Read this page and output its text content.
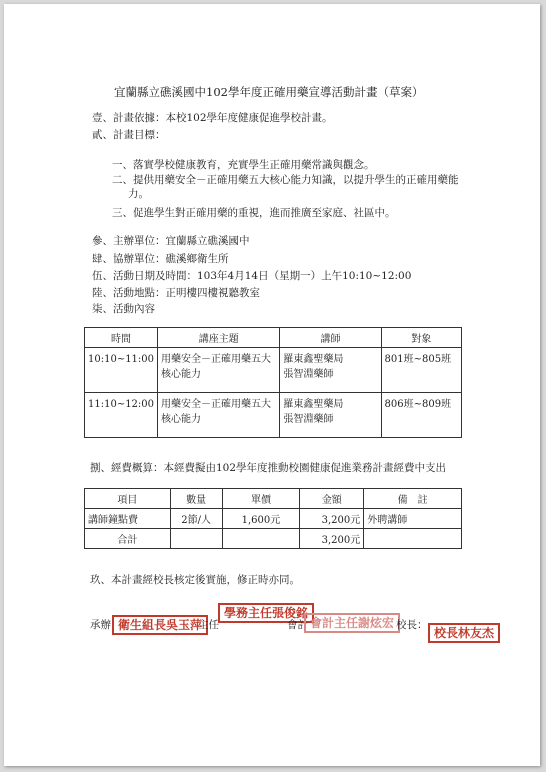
宜蘭縣立礁溪國中102學年度正確用藥宣導活動計畫（草案）
壹、計畫依據：本校102學年度健康促進學校計畫。
貳、計畫目標：
一、落實學校健康教育，充實學生正確用藥常識與觀念。
二、提供用藥安全－正確用藥五大核心能力知識，以提升學生的正確用藥能
力。
三、促進學生對正確用藥的重視，進而推廣至家庭、社區中。
參、主辦單位：宜蘭縣立礁溪國中
肆、協辦單位：礁溪鄉衛生所
伍、活動日期及時間：103年4月14日（星期一）上午10:10~12:00
陸、活動地點：正明樓四樓視聽教室
柒、活動內容
時間	講座主題	講師	對象
10:10~11:00	用藥安全－正確用藥五大核心能力	羅東鑫聖藥局
張智淵藥師	801班~805班
11:10~12:00	用藥安全－正確用藥五大核心能力	羅東鑫聖藥局
張智淵藥師	806班~809班
捌、經費概算：本經費擬由102學年度推動校園健康促進業務計畫經費中支出
項目	數量	單價	金額	備　註
講師鐘點費	2節/人	1,600元	3,200元	外聘講師
合計			3,200元	
玖、本計畫經校長核定後實施，修正時亦同。
承辦 衛生組長吳玉萍
主任
學務主任張俊銘
會計 會計主任謝炫宏 校長：
校長林友杰
